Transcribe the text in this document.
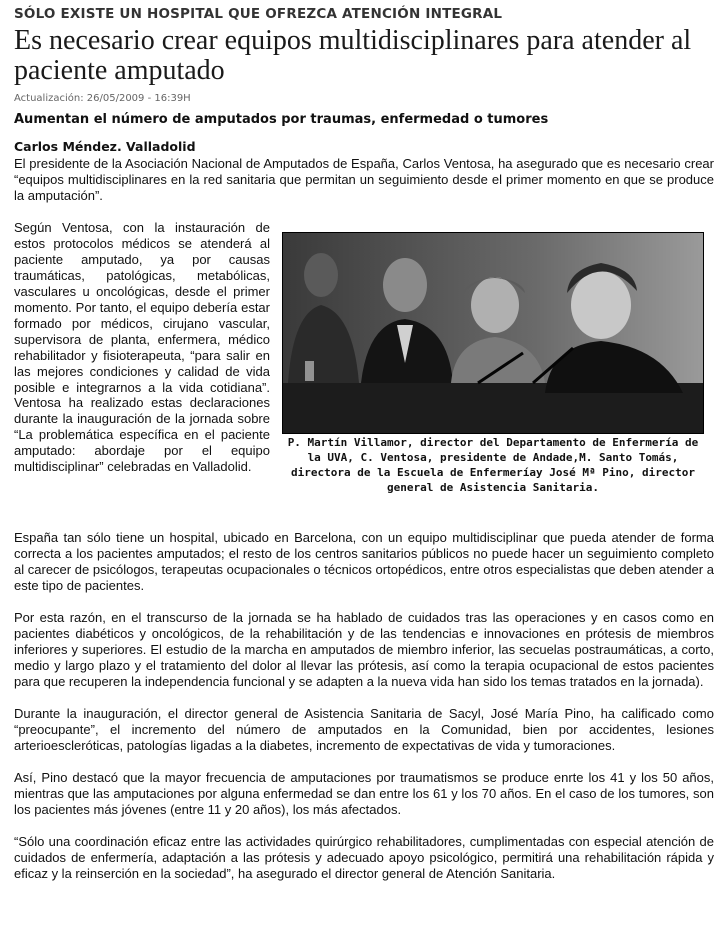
SÓLO EXISTE UN HOSPITAL QUE OFREZCA ATENCIÓN INTEGRAL
Es necesario crear equipos multidisciplinares para atender al paciente amputado
Actualización: 26/05/2009 - 16:39H
Aumentan el número de amputados por traumas, enfermedad o tumores
Carlos Méndez. Valladolid

El presidente de la Asociación Nacional de Amputados de España, Carlos Ventosa, ha asegurado que es necesario crear “equipos multidisciplinares en la red sanitaria que permitan un seguimiento desde el primer momento en que se produce la amputación”.

Según Ventosa, con la instauración de estos protocolos médicos se atenderá al paciente amputado, ya por causas traumáticas, patológicas, metabólicas, vasculares u oncológicas, desde el primer momento. Por tanto, el equipo debería estar formado por médicos, cirujano vascular, supervisora de planta, enfermera, médico rehabilitador y fisioterapeuta, “para salir en las mejores condiciones y calidad de vida posible e integrarnos a la vida cotidiana”. Ventosa ha realizado estas declaraciones durante la inauguración de la jornada sobre “La problemática específica en el paciente amputado: abordaje por el equipo multidisciplinar” celebradas en Valladolid.
P. Martín Villamor, director del Departamento de Enfermería de la UVA, C. Ventosa, presidente de Andade,M. Santo Tomás, directora de la Escuela de Enfermeríay José Mª Pino, director general de Asistencia Sanitaria.

España tan sólo tiene un hospital, ubicado en Barcelona, con un equipo multidisciplinar que pueda atender de forma correcta a los pacientes amputados; el resto de los centros sanitarios públicos no puede hacer un seguimiento completo al carecer de psicólogos, terapeutas ocupacionales o técnicos ortopédicos, entre otros especialistas que deben atender a este tipo de pacientes.

Por esta razón, en el transcurso de la jornada se ha hablado de cuidados tras las operaciones y en casos como en pacientes diabéticos y oncológicos, de la rehabilitación y de las tendencias e innovaciones en prótesis de miembros inferiores y superiores. El estudio de la marcha en amputados de miembro inferior, las secuelas postraumáticas, a corto, medio y largo plazo y el tratamiento del dolor al llevar las prótesis, así como la terapia ocupacional de estos pacientes para que recuperen la independencia funcional y se adapten a la nueva vida han sido los temas tratados en la jornada).

Durante la inauguración, el director general de Asistencia Sanitaria de Sacyl, José María Pino, ha calificado como “preocupante”, el incremento del número de amputados en la Comunidad, bien por accidentes, lesiones arterioescleróticas, patologías ligadas a la diabetes, incremento de expectativas de vida y tumoraciones.

Así, Pino destacó que la mayor frecuencia de amputaciones por traumatismos se produce enrte los 41 y los 50 años, mientras que las amputaciones por alguna enfermedad se dan entre los 61 y los 70 años. En el caso de los tumores, son los pacientes más jóvenes (entre 11 y 20 años), los más afectados.

“Sólo una coordinación eficaz entre las actividades quirúrgico rehabilitadores, cumplimentadas con especial atención de cuidados de enfermería, adaptación a las prótesis y adecuado apoyo psicológico, permitirá una rehabilitación rápida y eficaz y la reinserción en la sociedad”, ha asegurado el director general de Atención Sanitaria.
